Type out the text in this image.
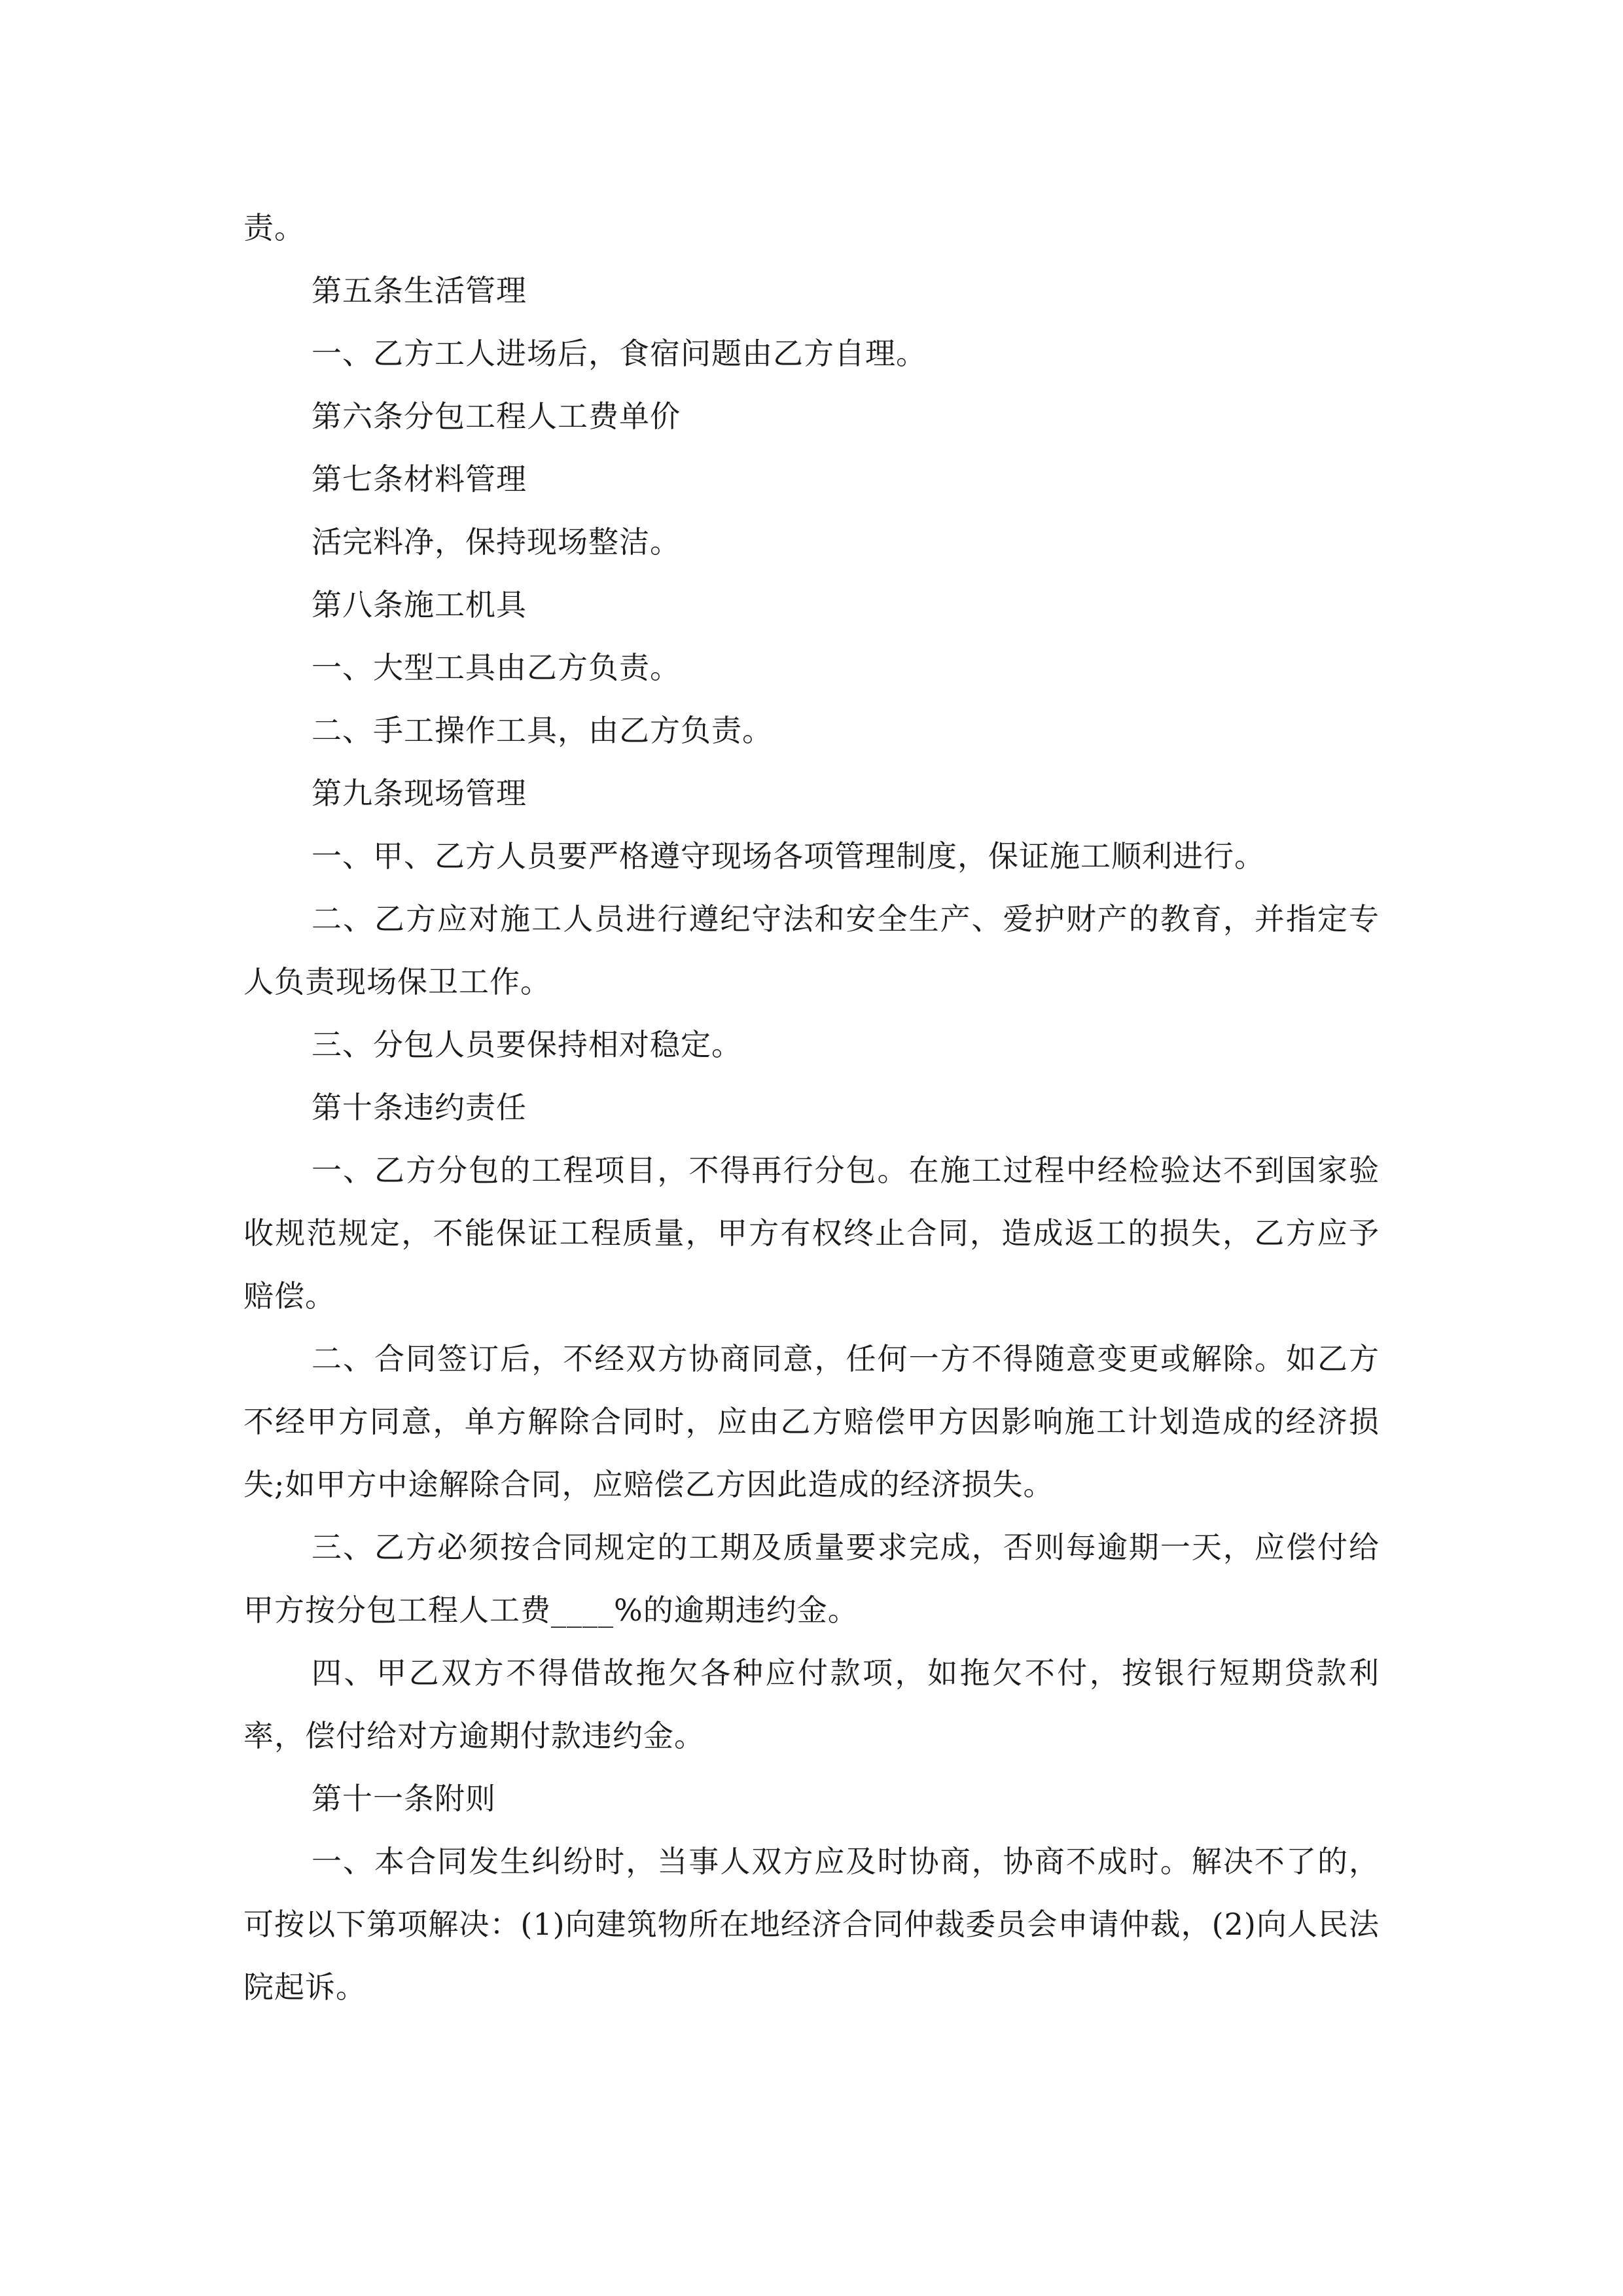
责。

第五条生活管理

一、乙方工人进场后，食宿问题由乙方自理。

第六条分包工程人工费单价

第七条材料管理

活完料净，保持现场整洁。

第八条施工机具

一、大型工具由乙方负责。

二、手工操作工具，由乙方负责。

第九条现场管理

一、甲、乙方人员要严格遵守现场各项管理制度，保证施工顺利进行。

二、乙方应对施工人员进行遵纪守法和安全生产、爱护财产的教育，并指定专人负责现场保卫工作。

三、分包人员要保持相对稳定。

第十条违约责任

一、乙方分包的工程项目，不得再行分包。在施工过程中经检验达不到国家验收规范规定，不能保证工程质量，甲方有权终止合同，造成返工的损失，乙方应予赔偿。

二、合同签订后，不经双方协商同意，任何一方不得随意变更或解除。如乙方不经甲方同意，单方解除合同时，应由乙方赔偿甲方因影响施工计划造成的经济损失;如甲方中途解除合同，应赔偿乙方因此造成的经济损失。

三、乙方必须按合同规定的工期及质量要求完成，否则每逾期一天，应偿付给甲方按分包工程人工费____%的逾期违约金。

四、甲乙双方不得借故拖欠各种应付款项，如拖欠不付，按银行短期贷款利率，偿付给对方逾期付款违约金。

第十一条附则

一、本合同发生纠纷时，当事人双方应及时协商，协商不成时。解决不了的，可按以下第项解决：(1)向建筑物所在地经济合同仲裁委员会申请仲裁，(2)向人民法院起诉。
